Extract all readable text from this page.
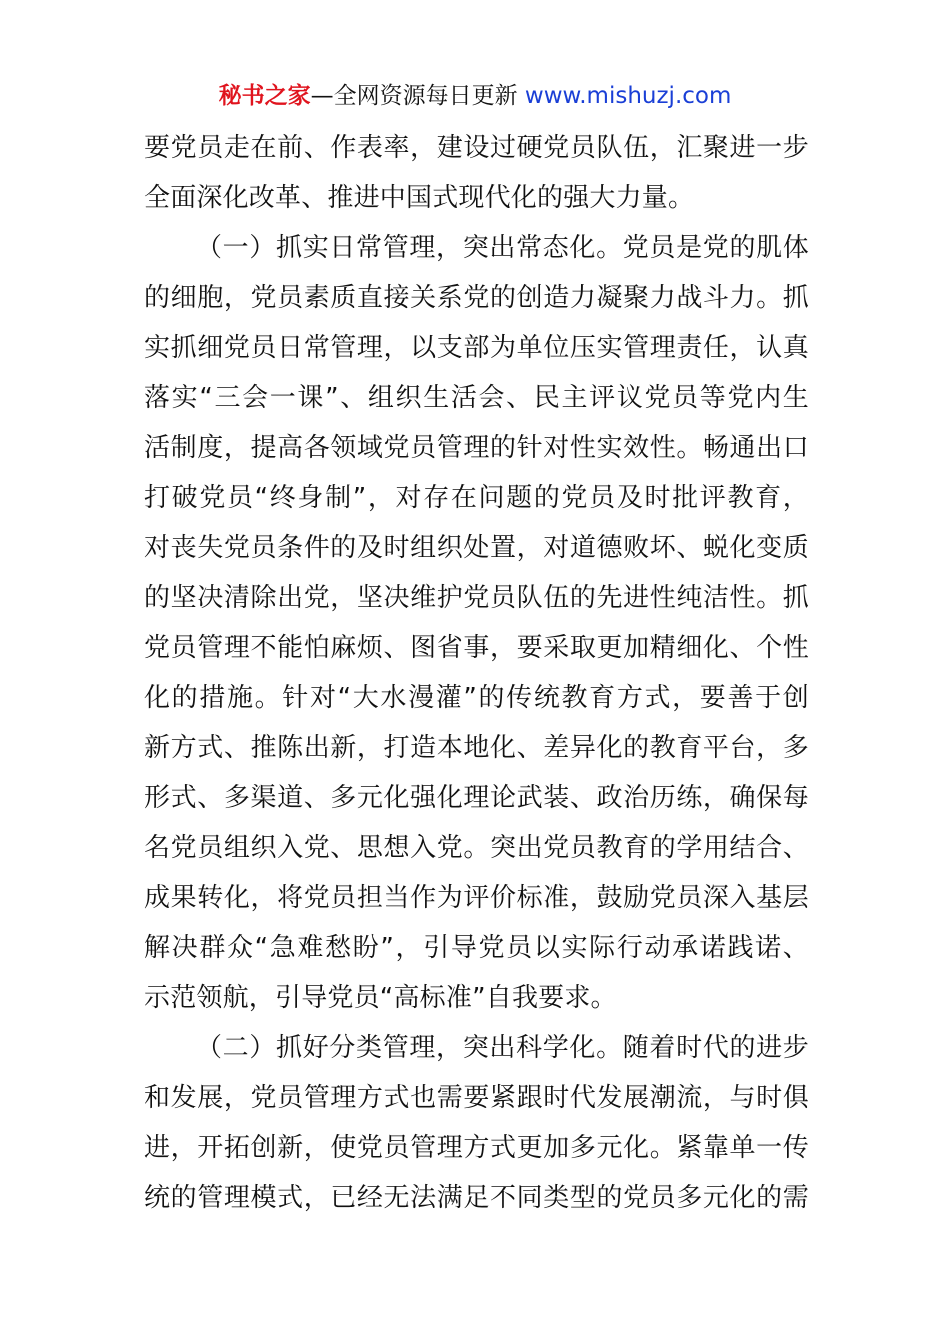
秘书之家—全网资源每日更新 www.mishuzj.com
要党员走在前、作表率，建设过硬党员队伍，汇聚进一步
全面深化改革、推进中国式现代化的强大力量。
（一）抓实日常管理，突出常态化。党员是党的肌体
的细胞，党员素质直接关系党的创造力凝聚力战斗力。抓
实抓细党员日常管理，以支部为单位压实管理责任，认真
落实“三会一课”、组织生活会、民主评议党员等党内生
活制度，提高各领域党员管理的针对性实效性。畅通出口
打破党员“终身制”，对存在问题的党员及时批评教育，
对丧失党员条件的及时组织处置，对道德败坏、蜕化变质
的坚决清除出党，坚决维护党员队伍的先进性纯洁性。抓
党员管理不能怕麻烦、图省事，要采取更加精细化、个性
化的措施。针对“大水漫灌”的传统教育方式，要善于创
新方式、推陈出新，打造本地化、差异化的教育平台，多
形式、多渠道、多元化强化理论武装、政治历练，确保每
名党员组织入党、思想入党。突出党员教育的学用结合、
成果转化，将党员担当作为评价标准，鼓励党员深入基层
解决群众“急难愁盼”，引导党员以实际行动承诺践诺、
示范领航，引导党员“高标准”自我要求。
（二）抓好分类管理，突出科学化。随着时代的进步
和发展，党员管理方式也需要紧跟时代发展潮流，与时俱
进，开拓创新，使党员管理方式更加多元化。紧靠单一传
统的管理模式，已经无法满足不同类型的党员多元化的需
